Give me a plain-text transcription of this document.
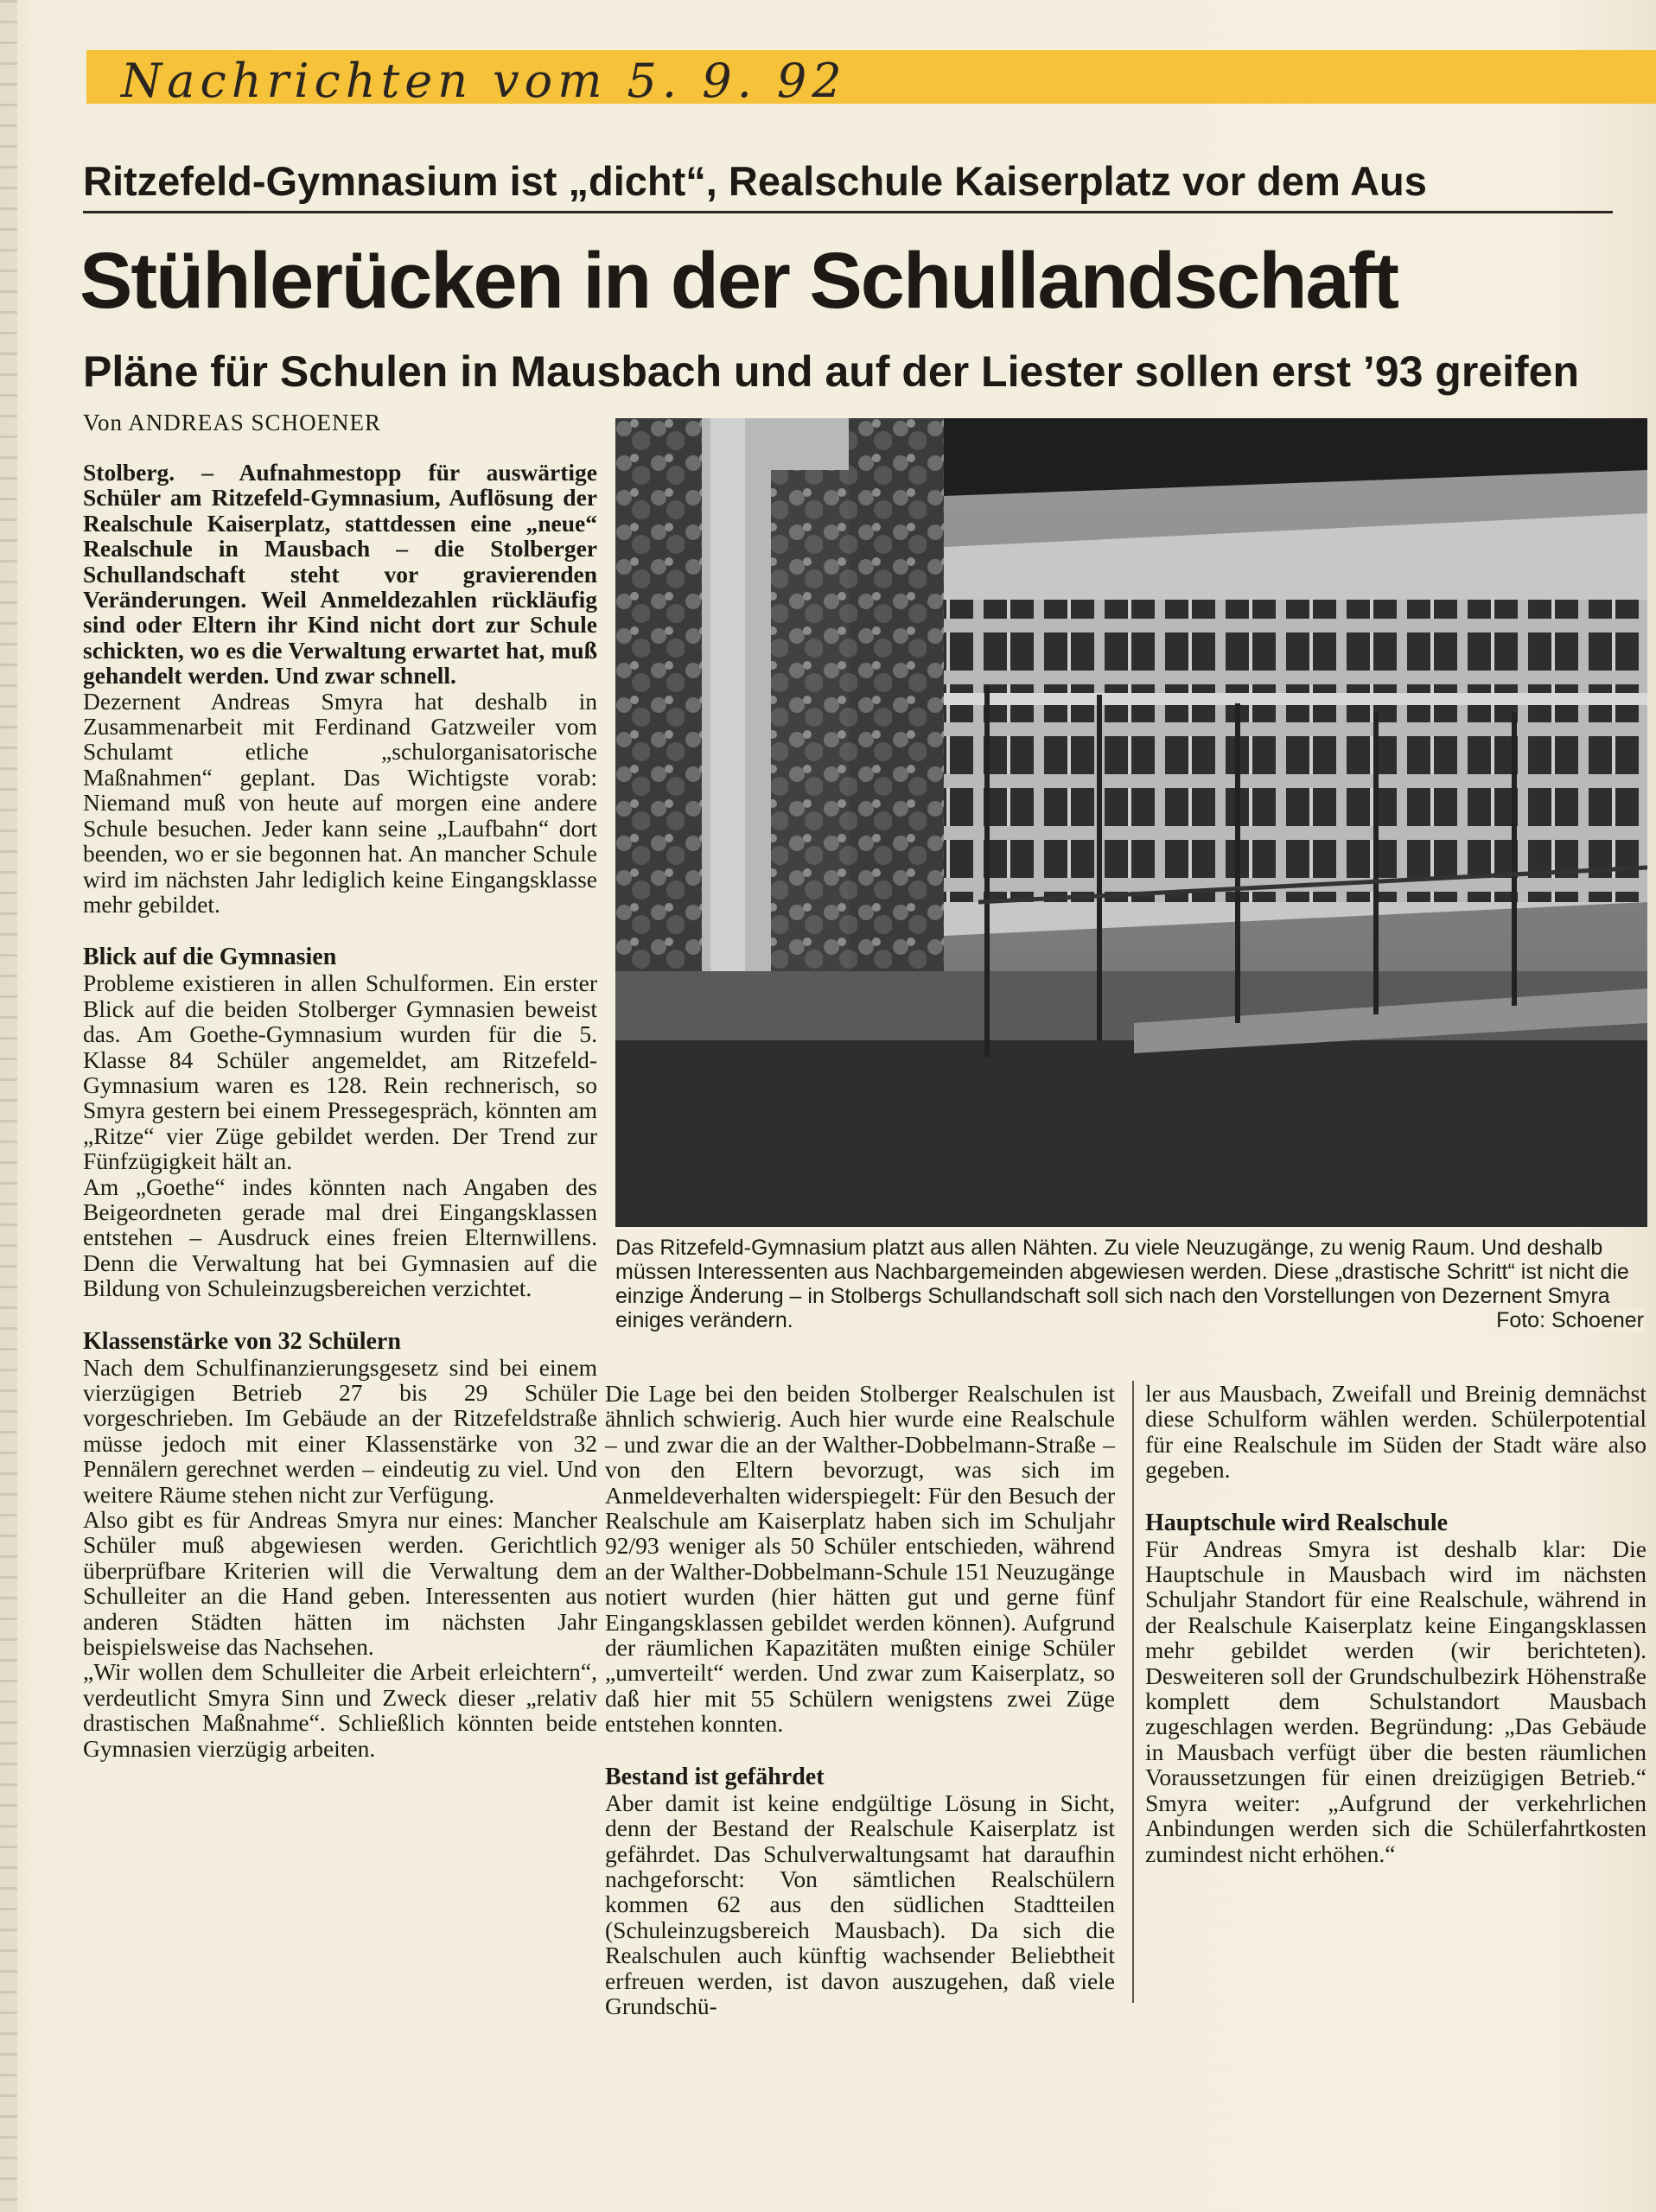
Nachrichten vom 5. 9. 92
Ritzefeld-Gymnasium ist „dicht“, Realschule Kaiserplatz vor dem Aus
Stühlerücken in der Schullandschaft
Pläne für Schulen in Mausbach und auf der Liester sollen erst ’93 greifen
Von ANDREAS SCHOENER

Stolberg. – Aufnahmestopp für auswärtige Schüler am Ritzefeld-Gymnasium, Auflösung der Realschule Kaiserplatz, stattdessen eine „neue“ Realschule in Mausbach – die Stolberger Schullandschaft steht vor gravierenden Veränderungen. Weil Anmeldezahlen rückläufig sind oder Eltern ihr Kind nicht dort zur Schule schickten, wo es die Verwaltung erwartet hat, muß gehandelt werden. Und zwar schnell.

Dezernent Andreas Smyra hat deshalb in Zusammenarbeit mit Ferdinand Gatzweiler vom Schulamt etliche „schulorganisatorische Maßnahmen“ geplant. Das Wichtigste vorab: Niemand muß von heute auf morgen eine andere Schule besuchen. Jeder kann seine „Laufbahn“ dort beenden, wo er sie begonnen hat. An mancher Schule wird im nächsten Jahr lediglich keine Eingangsklasse mehr gebildet.

Blick auf die Gymnasien

Probleme existieren in allen Schulformen. Ein erster Blick auf die beiden Stolberger Gymnasien beweist das. Am Goethe-Gymnasium wurden für die 5. Klasse 84 Schüler angemeldet, am Ritzefeld-Gymnasium waren es 128. Rein rechnerisch, so Smyra gestern bei einem Pressegespräch, könnten am „Ritze“ vier Züge gebildet werden. Der Trend zur Fünfzügigkeit hält an.

Am „Goethe“ indes könnten nach Angaben des Beigeordneten gerade mal drei Eingangsklassen entstehen – Ausdruck eines freien Elternwillens. Denn die Verwaltung hat bei Gymnasien auf die Bildung von Schuleinzugsbereichen verzichtet.

Klassenstärke von 32 Schülern

Nach dem Schulfinanzierungsgesetz sind bei einem vierzügigen Betrieb 27 bis 29 Schüler vorgeschrieben. Im Gebäude an der Ritzefeldstraße müsse jedoch mit einer Klassenstärke von 32 Pennälern gerechnet werden – eindeutig zu viel. Und weitere Räume stehen nicht zur Verfügung.

Also gibt es für Andreas Smyra nur eines: Mancher Schüler muß abgewiesen werden. Gerichtlich überprüfbare Kriterien will die Verwaltung dem Schulleiter an die Hand geben. Interessenten aus anderen Städten hätten im nächsten Jahr beispielsweise das Nachsehen.

„Wir wollen dem Schulleiter die Arbeit erleichtern“, verdeutlicht Smyra Sinn und Zweck dieser „relativ drastischen Maßnahme“. Schließlich könnten beide Gymnasien vierzügig arbeiten.

Das Ritzefeld-Gymnasium platzt aus allen Nähten. Zu viele Neuzugänge, zu wenig Raum. Und deshalb müssen Interessenten aus Nachbargemeinden abgewiesen werden. Diese „drastische Schritt“ ist nicht die einzige Änderung – in Stolbergs Schullandschaft soll sich nach den Vorstellungen von Dezernent Smyra einiges verändern.	Foto: Schoener

Die Lage bei den beiden Stolberger Realschulen ist ähnlich schwierig. Auch hier wurde eine Realschule – und zwar die an der Walther-Dobbelmann-Straße – von den Eltern bevorzugt, was sich im Anmeldeverhalten widerspiegelt: Für den Besuch der Realschule am Kaiserplatz haben sich im Schuljahr 92/93 weniger als 50 Schüler entschieden, während an der Walther-Dobbelmann-Schule 151 Neuzugänge notiert wurden (hier hätten gut und gerne fünf Eingangsklassen gebildet werden können). Aufgrund der räumlichen Kapazitäten mußten einige Schüler „umverteilt“ werden. Und zwar zum Kaiserplatz, so daß hier mit 55 Schülern wenigstens zwei Züge entstehen konnten.

Bestand ist gefährdet

Aber damit ist keine endgültige Lösung in Sicht, denn der Bestand der Realschule Kaiserplatz ist gefährdet. Das Schulverwaltungsamt hat daraufhin nachgeforscht: Von sämtlichen Realschülern kommen 62 aus den südlichen Stadtteilen (Schuleinzugsbereich Mausbach). Da sich die Realschulen auch künftig wachsender Beliebtheit erfreuen werden, ist davon auszugehen, daß viele Grundschü-

ler aus Mausbach, Zweifall und Breinig demnächst diese Schulform wählen werden. Schülerpotential für eine Realschule im Süden der Stadt wäre also gegeben.

Hauptschule wird Realschule

Für Andreas Smyra ist deshalb klar: Die Hauptschule in Mausbach wird im nächsten Schuljahr Standort für eine Realschule, während in der Realschule Kaiserplatz keine Eingangsklassen mehr gebildet werden (wir berichteten). Desweiteren soll der Grundschulbezirk Höhenstraße komplett dem Schulstandort Mausbach zugeschlagen werden. Begründung: „Das Gebäude in Mausbach verfügt über die besten räumlichen Voraussetzungen für einen dreizügigen Betrieb.“ Smyra weiter: „Aufgrund der verkehrlichen Anbindungen werden sich die Schülerfahrtkosten zumindest nicht erhöhen.“
